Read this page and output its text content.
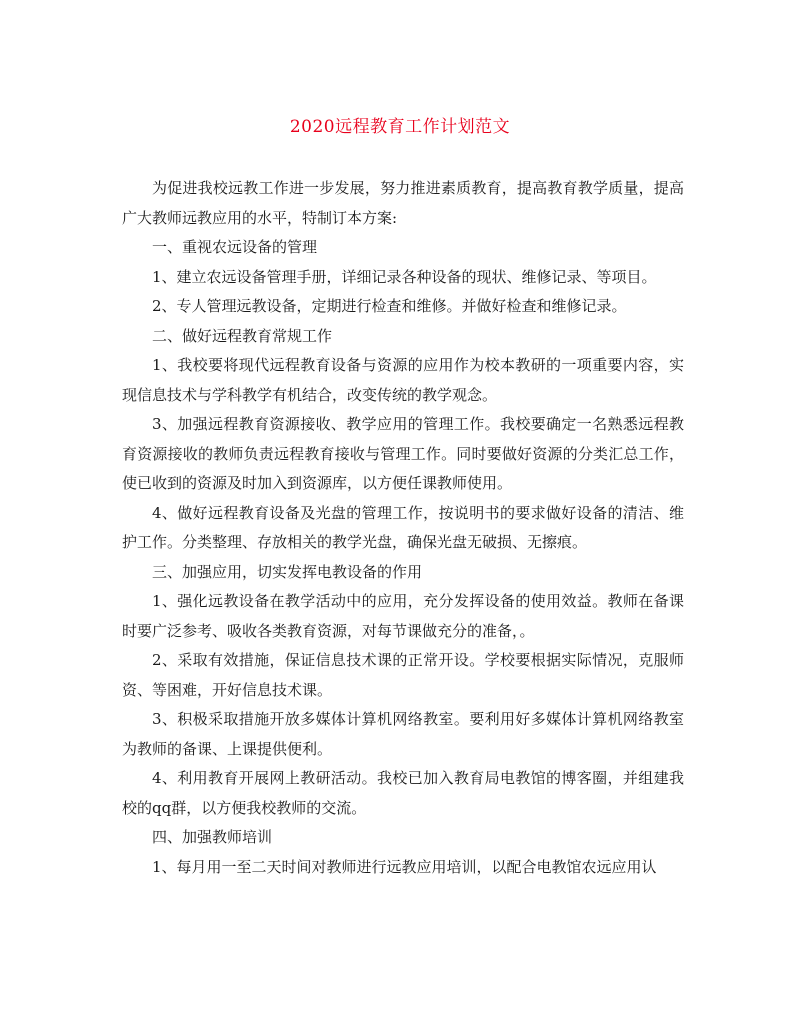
2020远程教育工作计划范文

为促进我校远教工作进一步发展，努力推进素质教育，提高教育教学质量，提高广大教师远教应用的水平，特制订本方案:

一、重视农远设备的管理

1、建立农远设备管理手册，详细记录各种设备的现状、维修记录、等项目。

2、专人管理远教设备，定期进行检查和维修。并做好检查和维修记录。

二、做好远程教育常规工作

1、我校要将现代远程教育设备与资源的应用作为校本教研的一项重要内容，实现信息技术与学科教学有机结合，改变传统的教学观念。

3、加强远程教育资源接收、教学应用的管理工作。我校要确定一名熟悉远程教育资源接收的教师负责远程教育接收与管理工作。同时要做好资源的分类汇总工作，使已收到的资源及时加入到资源库，以方便任课教师使用。

4、做好远程教育设备及光盘的管理工作，按说明书的要求做好设备的清洁、维护工作。分类整理、存放相关的教学光盘，确保光盘无破损、无擦痕。

三、加强应用，切实发挥电教设备的作用

1、强化远教设备在教学活动中的应用，充分发挥设备的使用效益。教师在备课时要广泛参考、吸收各类教育资源，对每节课做充分的准备，。

2、采取有效措施，保证信息技术课的正常开设。学校要根据实际情况，克服师资、等困难，开好信息技术课。

3、积极采取措施开放多媒体计算机网络教室。要利用好多媒体计算机网络教室为教师的备课、上课提供便利。

4、利用教育开展网上教研活动。我校已加入教育局电教馆的博客圈，并组建我校的qq群，以方便我校教师的交流。

四、加强教师培训

1、每月用一至二天时间对教师进行远教应用培训，以配合电教馆农远应用认
